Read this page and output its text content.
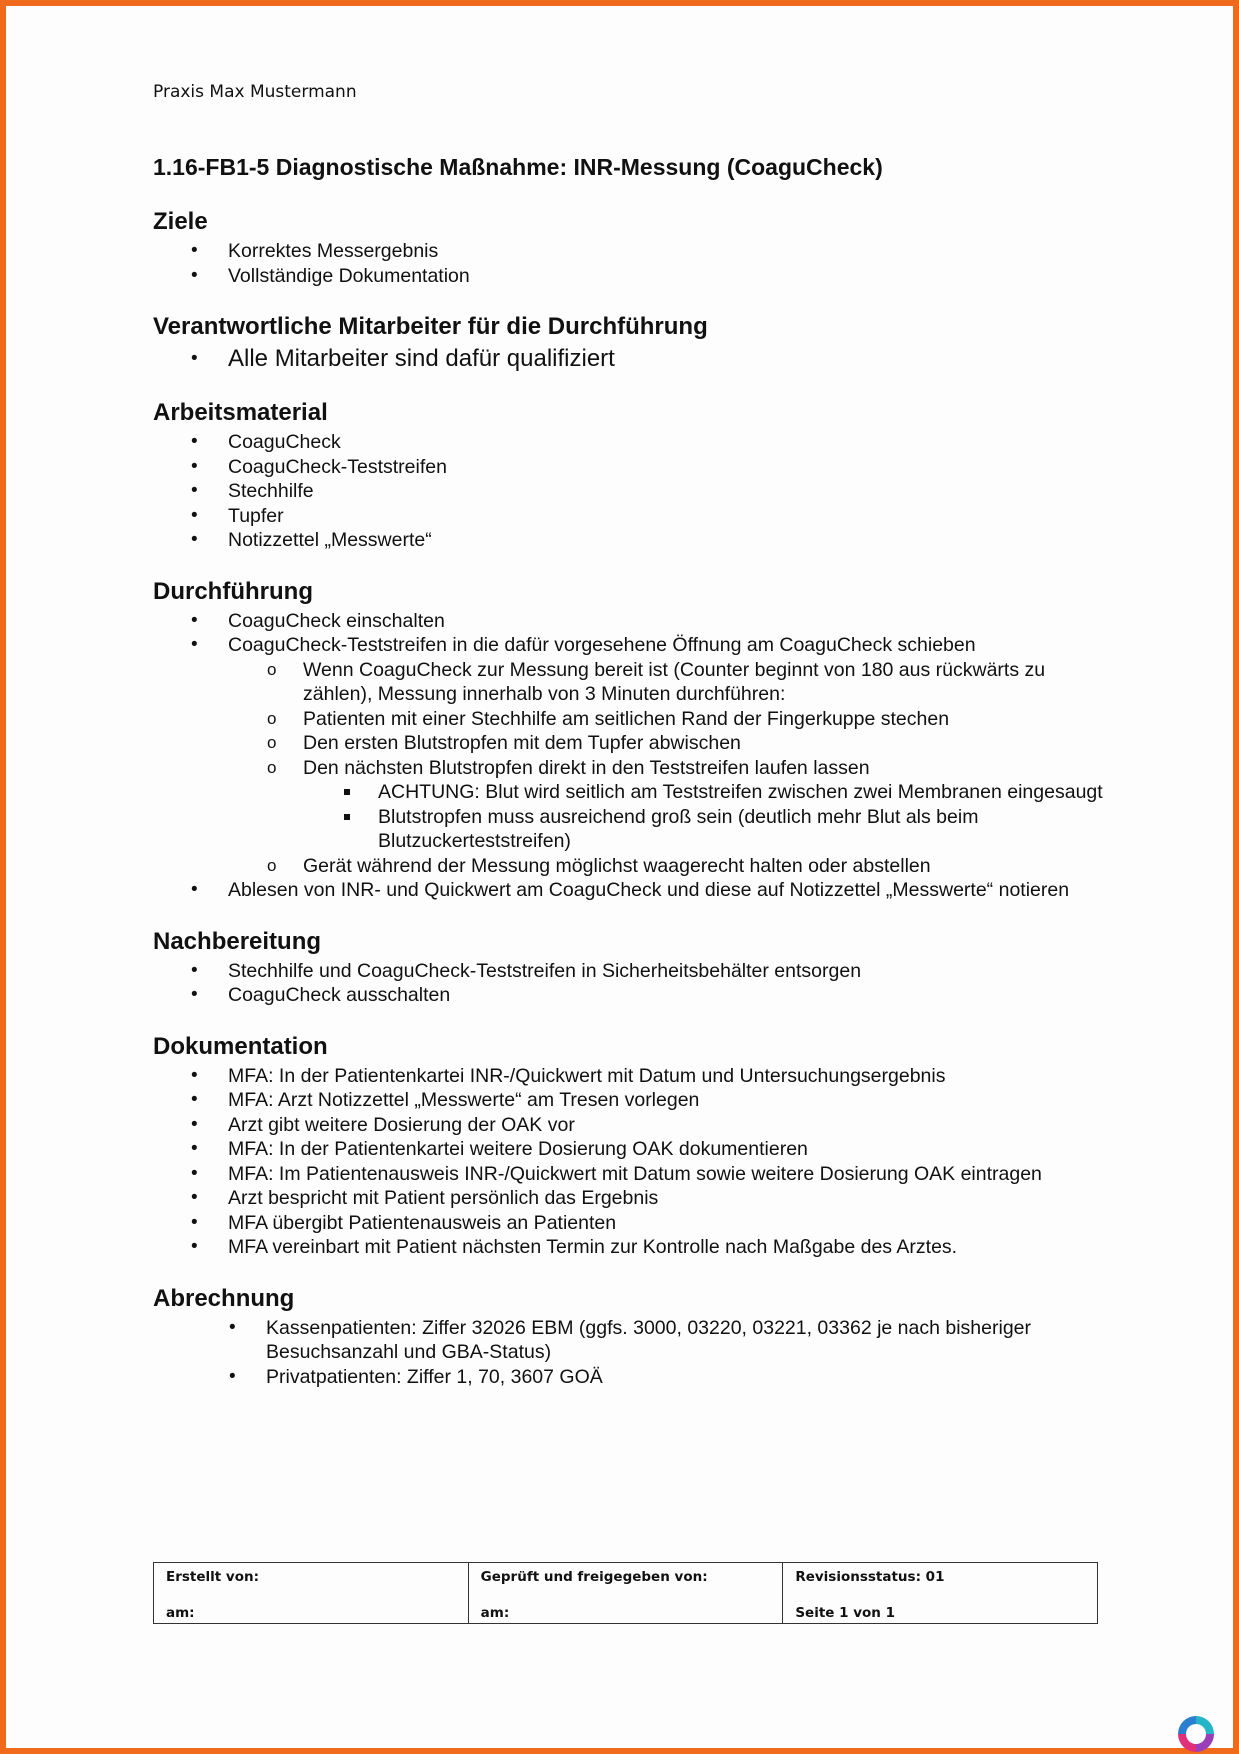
Praxis Max Mustermann
1.16-FB1-5 Diagnostische Maßnahme: INR-Messung (CoaguCheck)
Ziele
• Korrektes Messergebnis
• Vollständige Dokumentation
Verantwortliche Mitarbeiter für die Durchführung
• Alle Mitarbeiter sind dafür qualifiziert
Arbeitsmaterial
• CoaguCheck
• CoaguCheck-Teststreifen
• Stechhilfe
• Tupfer
• Notizzettel „Messwerte“
Durchführung
• CoaguCheck einschalten
• CoaguCheck-Teststreifen in die dafür vorgesehene Öffnung am CoaguCheck schieben
o Wenn CoaguCheck zur Messung bereit ist (Counter beginnt von 180 aus rückwärts zu zählen), Messung innerhalb von 3 Minuten durchführen:
o Patienten mit einer Stechhilfe am seitlichen Rand der Fingerkuppe stechen
o Den ersten Blutstropfen mit dem Tupfer abwischen
o Den nächsten Blutstropfen direkt in den Teststreifen laufen lassen
ACHTUNG: Blut wird seitlich am Teststreifen zwischen zwei Membranen eingesaugt
Blutstropfen muss ausreichend groß sein (deutlich mehr Blut als beim Blutzuckerteststreifen)
o Gerät während der Messung möglichst waagerecht halten oder abstellen
• Ablesen von INR- und Quickwert am CoaguCheck und diese auf Notizzettel „Messwerte“ notieren
Nachbereitung
• Stechhilfe und CoaguCheck-Teststreifen in Sicherheitsbehälter entsorgen
• CoaguCheck ausschalten
Dokumentation
• MFA: In der Patientenkartei INR-/Quickwert mit Datum und Untersuchungsergebnis
• MFA: Arzt Notizzettel „Messwerte“ am Tresen vorlegen
• Arzt gibt weitere Dosierung der OAK vor
• MFA: In der Patientenkartei weitere Dosierung OAK dokumentieren
• MFA: Im Patientenausweis INR-/Quickwert mit Datum sowie weitere Dosierung OAK eintragen
• Arzt bespricht mit Patient persönlich das Ergebnis
• MFA übergibt Patientenausweis an Patienten
• MFA vereinbart mit Patient nächsten Termin zur Kontrolle nach Maßgabe des Arztes.
Abrechnung
• Kassenpatienten: Ziffer 32026 EBM (ggfs. 3000, 03220, 03221, 03362 je nach bisheriger Besuchsanzahl und GBA-Status)
• Privatpatienten: Ziffer 1, 70, 3607 GOÄ
Erstellt von:
am:

Geprüft und freigegeben von:
am:

Revisionsstatus: 01
Seite 1 von 1
